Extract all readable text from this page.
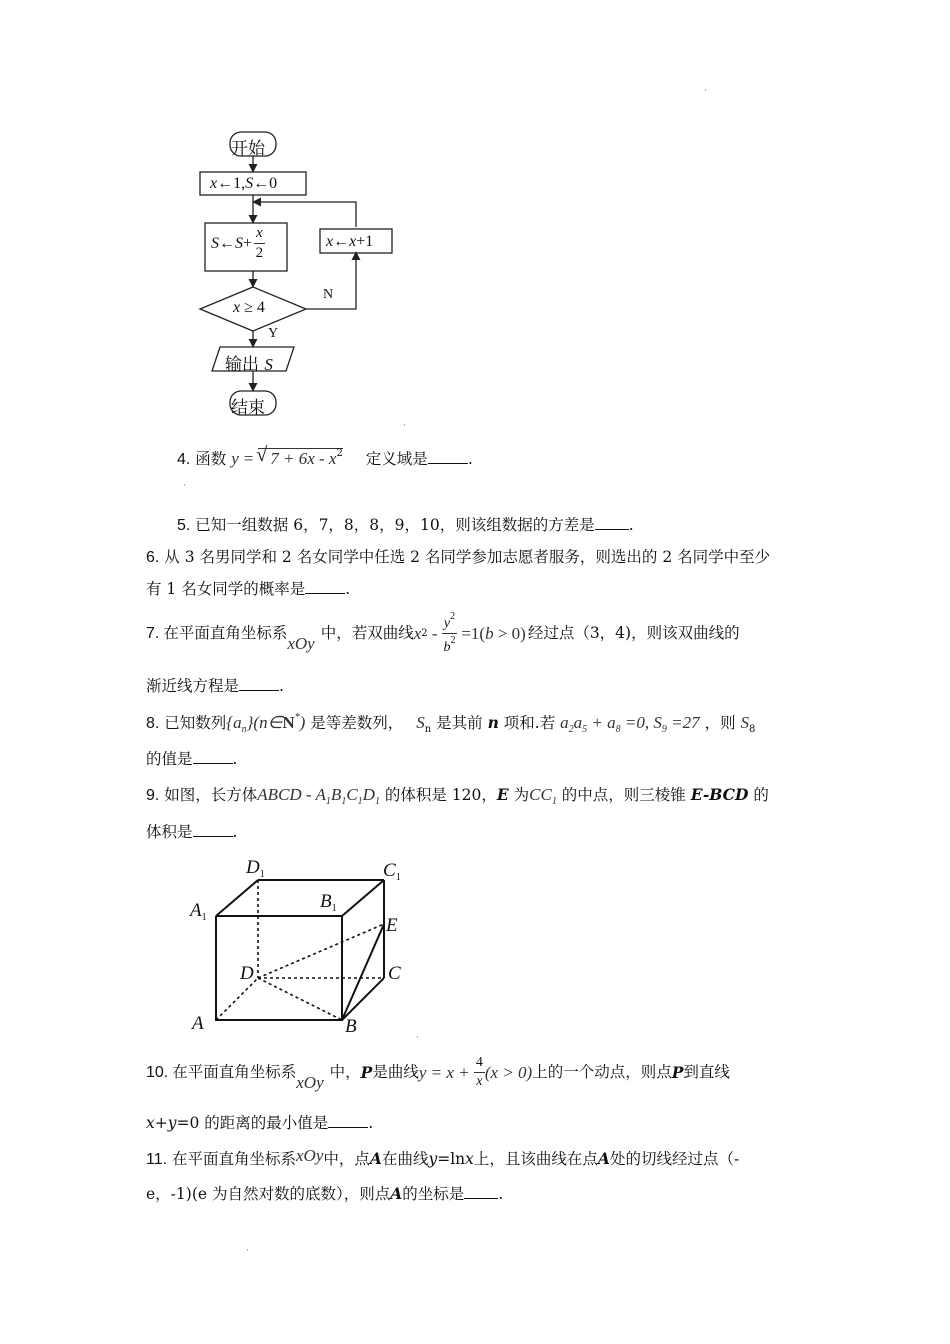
开始
x←1,S←0
S ← $S + \frac{x}{2}$	x←x+1
x ≥ 4
N
Y
输出 S
结束
4. 函数 y = √ $7 + 6x - x^2$ 定义域是	.
5. 已知一组数据 6，7，8，8，9，10，则该组数据的方差是 .
6. 从 3 名男同学和 2 名女同学中任选 2 名同学参加志愿者服务，则选出的 2 名同学中至少
有 1 名女同学的概率是	.
7. 在平面直角坐标系
xOy
中，若双曲线 x $2 - \frac{y^2}{b^2} =1$( b > 0) 经过点（3，4)，则该双曲线的
渐近线方程是	.
8. 已知数列$\{a_n\}(n\in N^*)$ 是等差数列， $S_n$ 是其前 n 项和.若 $a_2a_5 + a_8 =0$, $S_9 =27$ ，则 $S_8$
的值是	.
9. 如图，长方体ABCD - $A_1B_1C_1D_1$ 的体积是 120，E 为$CC_1$ 的中点，则三棱锥 E-BCD 的
体积是	.
$D_1$	$C_1$
$B_1$
$A_1$	E
D	C
A	B
10. 在平面直角坐标系
xOy
中， P 是曲线 $y = x + \frac{4}{x} (x > 0)$ 上的一个动点，则点 P 到直线
x+y=0 的距离的最小值是	.
11. 在平面直角坐标系xOy中，点A在曲线y=lnx上，且该曲线在点A处的切线经过点（-
e，-1)(e 为自然对数的底数），则点A的坐标是 .
·
·
·
·
·
